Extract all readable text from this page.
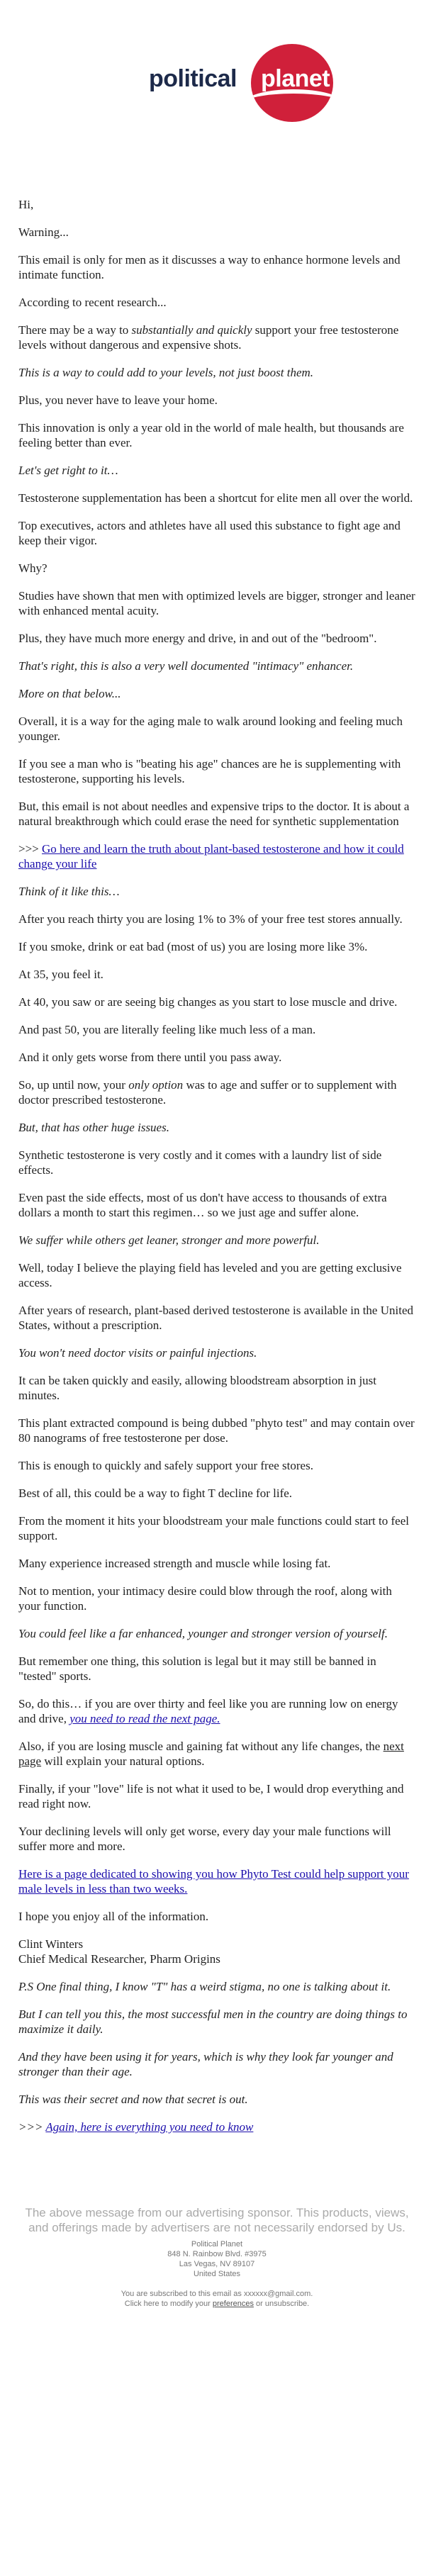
political planet

Hi,

Warning...

This email is only for men as it discusses a way to enhance hormone levels and intimate function.

According to recent research...

There may be a way to substantially and quickly support your free testosterone levels without dangerous and expensive shots.

This is a way to could add to your levels, not just boost them.

Plus, you never have to leave your home.

This innovation is only a year old in the world of male health, but thousands are feeling better than ever.

Let's get right to it…

Testosterone supplementation has been a shortcut for elite men all over the world.

Top executives, actors and athletes have all used this substance to fight age and keep their vigor.

Why?

Studies have shown that men with optimized levels are bigger, stronger and leaner with enhanced mental acuity.

Plus, they have much more energy and drive, in and out of the "bedroom".

That's right, this is also a very well documented "intimacy" enhancer.

More on that below...

Overall, it is a way for the aging male to walk around looking and feeling much younger.

If you see a man who is "beating his age" chances are he is supplementing with testosterone, supporting his levels.

But, this email is not about needles and expensive trips to the doctor. It is about a natural breakthrough which could erase the need for synthetic supplementation

>>> Go here and learn the truth about plant-based testosterone and how it could change your life

Think of it like this…

After you reach thirty you are losing 1% to 3% of your free test stores annually.

If you smoke, drink or eat bad (most of us) you are losing more like 3%.

At 35, you feel it.

At 40, you saw or are seeing big changes as you start to lose muscle and drive.

And past 50, you are literally feeling like much less of a man.

And it only gets worse from there until you pass away.

So, up until now, your only option was to age and suffer or to supplement with doctor prescribed testosterone.

But, that has other huge issues.

Synthetic testosterone is very costly and it comes with a laundry list of side effects.

Even past the side effects, most of us don't have access to thousands of extra dollars a month to start this regimen… so we just age and suffer alone.

We suffer while others get leaner, stronger and more powerful.

Well, today I believe the playing field has leveled and you are getting exclusive access.

After years of research, plant-based derived testosterone is available in the United States, without a prescription.

You won't need doctor visits or painful injections.

It can be taken quickly and easily, allowing bloodstream absorption in just minutes.

This plant extracted compound is being dubbed "phyto test" and may contain over 80 nanograms of free testosterone per dose.

This is enough to quickly and safely support your free stores.

Best of all, this could be a way to fight T decline for life.

From the moment it hits your bloodstream your male functions could start to feel support.

Many experience increased strength and muscle while losing fat.

Not to mention, your intimacy desire could blow through the roof, along with your function.

You could feel like a far enhanced, younger and stronger version of yourself.

But remember one thing, this solution is legal but it may still be banned in "tested" sports.

So, do this… if you are over thirty and feel like you are running low on energy and drive, you need to read the next page.

Also, if you are losing muscle and gaining fat without any life changes, the next page will explain your natural options.

Finally, if your "love" life is not what it used to be, I would drop everything and read right now.

Your declining levels will only get worse, every day your male functions will suffer more and more.

Here is a page dedicated to showing you how Phyto Test could help support your male levels in less than two weeks.

I hope you enjoy all of the information.

Clint Winters
Chief Medical Researcher, Pharm Origins

P.S One final thing, I know "T" has a weird stigma, no one is talking about it.

But I can tell you this, the most successful men in the country are doing things to maximize it daily.

And they have been using it for years, which is why they look far younger and stronger than their age.

This was their secret and now that secret is out.

>>> Again, here is everything you need to know

The above message from our advertising sponsor. This products, views, and offerings made by advertisers are not necessarily endorsed by Us.

Political Planet
848 N. Rainbow Blvd. #3975
Las Vegas, NV 89107
United States
You are subscribed to this email as xxxxxx@gmail.com.
Click here to modify your preferences or unsubscribe.
